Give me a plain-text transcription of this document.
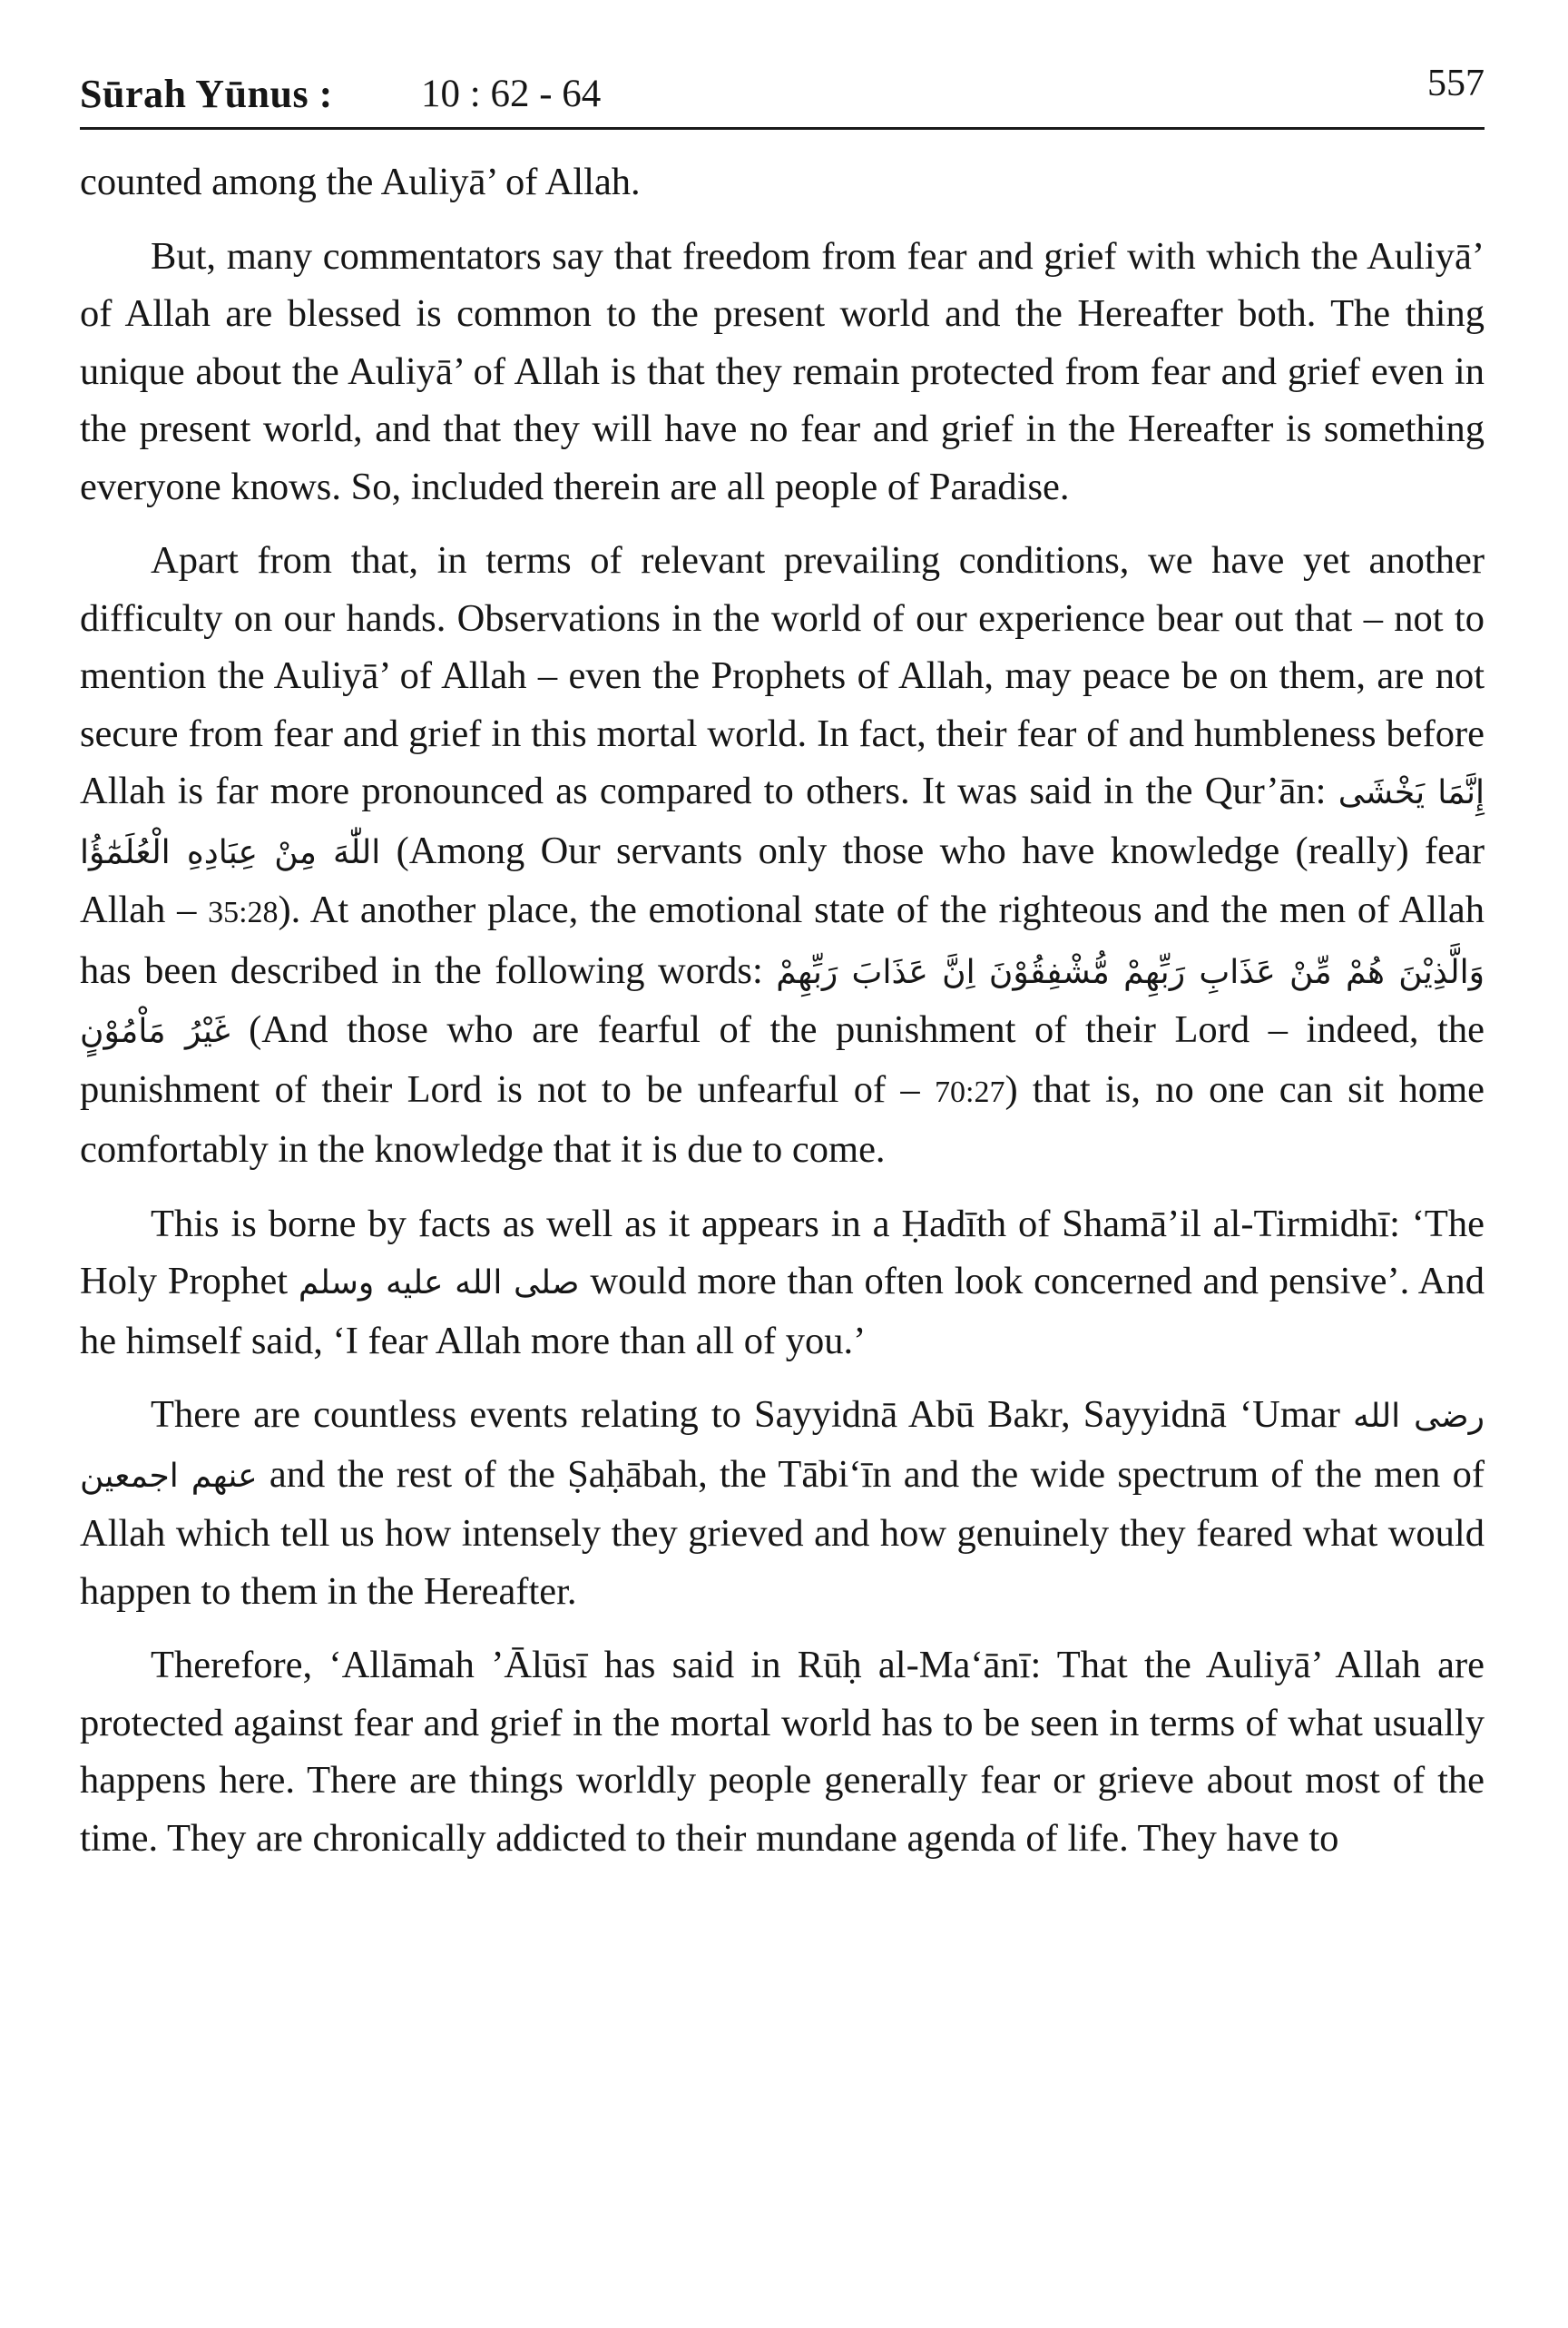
Sūrah Yūnus : 10 : 62 - 64	557

counted among the Auliyā’ of Allah.

But, many commentators say that freedom from fear and grief with which the Auliyā’ of Allah are blessed is common to the present world and the Hereafter both. The thing unique about the Auliyā’ of Allah is that they remain protected from fear and grief even in the present world, and that they will have no fear and grief in the Hereafter is something everyone knows. So, included therein are all people of Paradise.

Apart from that, in terms of relevant prevailing conditions, we have yet another difficulty on our hands. Observations in the world of our experience bear out that – not to mention the Auliyā’ of Allah – even the Prophets of Allah, may peace be on them, are not secure from fear and grief in this mortal world. In fact, their fear of and humbleness before Allah is far more pronounced as compared to others. It was said in the Qur’ān: إِنَّمَا يَخْشَى اللّٰهَ مِنْ عِبَادِهِ الْعُلَمٰٓؤُا (Among Our servants only those who have knowledge (really) fear Allah – 35:28). At another place, the emotional state of the righteous and the men of Allah has been described in the following words: وَالَّذِيْنَ هُمْ مِّنْ عَذَابِ رَبِّهِمْ مُّشْفِقُوْنَ اِنَّ عَذَابَ رَبِّهِمْ غَيْرُ مَاْمُوْنٍ (And those who are fearful of the punishment of their Lord – indeed, the punishment of their Lord is not to be unfearful of – 70:27) that is, no one can sit home comfortably in the knowledge that it is due to come.

This is borne by facts as well as it appears in a Ḥadīth of Shamā’il al-Tirmidhī: ‘The Holy Prophet صلى الله عليه وسلم would more than often look concerned and pensive’. And he himself said, ‘I fear Allah more than all of you.’

There are countless events relating to Sayyidnā Abū Bakr, Sayyidnā ‘Umar رضى الله عنهم اجمعين and the rest of the Ṣaḥābah, the Tābi‘īn and the wide spectrum of the men of Allah which tell us how intensely they grieved and how genuinely they feared what would happen to them in the Hereafter.

Therefore, ‘Allāmah ’Ālūsī has said in Rūḥ al-Ma‘ānī: That the Auliyā’ Allah are protected against fear and grief in the mortal world has to be seen in terms of what usually happens here. There are things worldly people generally fear or grieve about most of the time. They are chronically addicted to their mundane agenda of life. They have to
